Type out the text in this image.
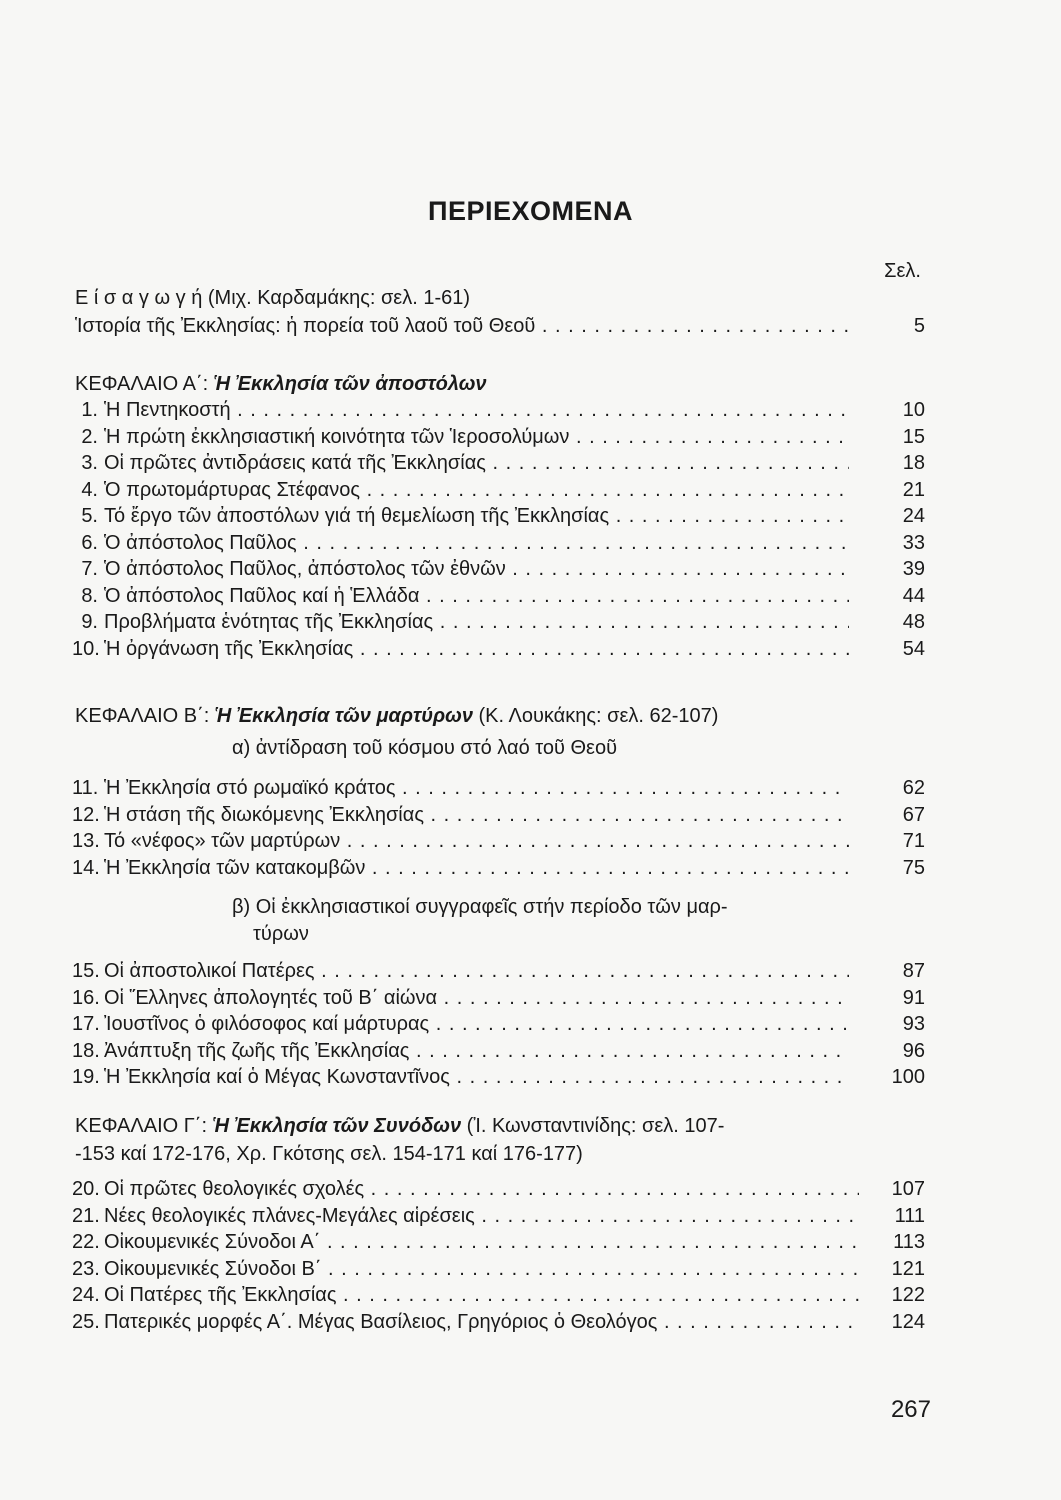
ΠΕΡΙΕΧΟΜΕΝΑ
Σελ.
Ε ί σ α γ ω γ ή (Μιχ. Καρδαμάκης: σελ. 1-61)
Ἱστορία τῆς Ἐκκλησίας: ἡ πορεία τοῦ λαοῦ τοῦ Θεοῦ . . .	5
ΚΕΦΑΛΑΙΟ Α΄: Ἡ Ἐκκλησία τῶν ἀποστόλων
1. Ἡ Πεντηκοστή . . .	10
2. Ἡ πρώτη ἐκκλησιαστική κοινότητα τῶν Ἱεροσολύμων . . .	15
3. Οἱ πρῶτες ἀντιδράσεις κατά τῆς Ἐκκλησίας . . .	18
4. Ὁ πρωτομάρτυρας Στέφανος . . .	21
5. Τό ἔργο τῶν ἀποστόλων γιά τή θεμελίωση τῆς Ἐκκλησίας . . .	24
6. Ὁ ἀπόστολος Παῦλος . . .	33
7. Ὁ ἀπόστολος Παῦλος, ἀπόστολος τῶν ἐθνῶν . . .	39
8. Ὁ ἀπόστολος Παῦλος καί ἡ Ἑλλάδα . . .	44
9. Προβλήματα ἑνότητας τῆς Ἐκκλησίας . . .	48
10. Ἡ ὀργάνωση τῆς Ἐκκλησίας . . .	54
ΚΕΦΑΛΑΙΟ Β΄: Ἡ Ἐκκλησία τῶν μαρτύρων (Κ. Λουκάκης: σελ. 62-107)
α) ἀντίδραση τοῦ κόσμου στό λαό τοῦ Θεοῦ
11. Ἡ Ἐκκλησία στό ρωμαϊκό κράτος . . .	62
12. Ἡ στάση τῆς διωκόμενης Ἐκκλησίας . . .	67
13. Τό «νέφος» τῶν μαρτύρων . . .	71
14. Ἡ Ἐκκλησία τῶν κατακομβῶν . . .	75
β) Οἱ ἐκκλησιαστικοί συγγραφεῖς στήν περίοδο τῶν μαρ-
τύρων
15. Οἱ ἀποστολικοί Πατέρες . . .	87
16. Οἱ Ἕλληνες ἀπολογητές τοῦ Β΄ αἰώνα . . .	91
17. Ἰουστῖνος ὁ φιλόσοφος καί μάρτυρας . . .	93
18. Ἀνάπτυξη τῆς ζωῆς τῆς Ἐκκλησίας . . .	96
19. Ἡ Ἐκκλησία καί ὁ Μέγας Κωνσταντῖνος . . .	100
ΚΕΦΑΛΑΙΟ Γ΄: Ἡ Ἐκκλησία τῶν Συνόδων (Ἰ. Κωνσταντινίδης: σελ. 107-
-153 καί 172-176, Χρ. Γκότσης σελ. 154-171 καί 176-177)
20. Οἱ πρῶτες θεολογικές σχολές . . .	107
21. Νέες θεολογικές πλάνες-Μεγάλες αἱρέσεις . . .	111
22. Οἰκουμενικές Σύνοδοι Α΄ . . .	113
23. Οἰκουμενικές Σύνοδοι Β΄ . . .	121
24. Οἱ Πατέρες τῆς Ἐκκλησίας . . .	122
25. Πατερικές μορφές Α΄. Μέγας Βασίλειος, Γρηγόριος ὁ Θεολόγος . . .	124
267
